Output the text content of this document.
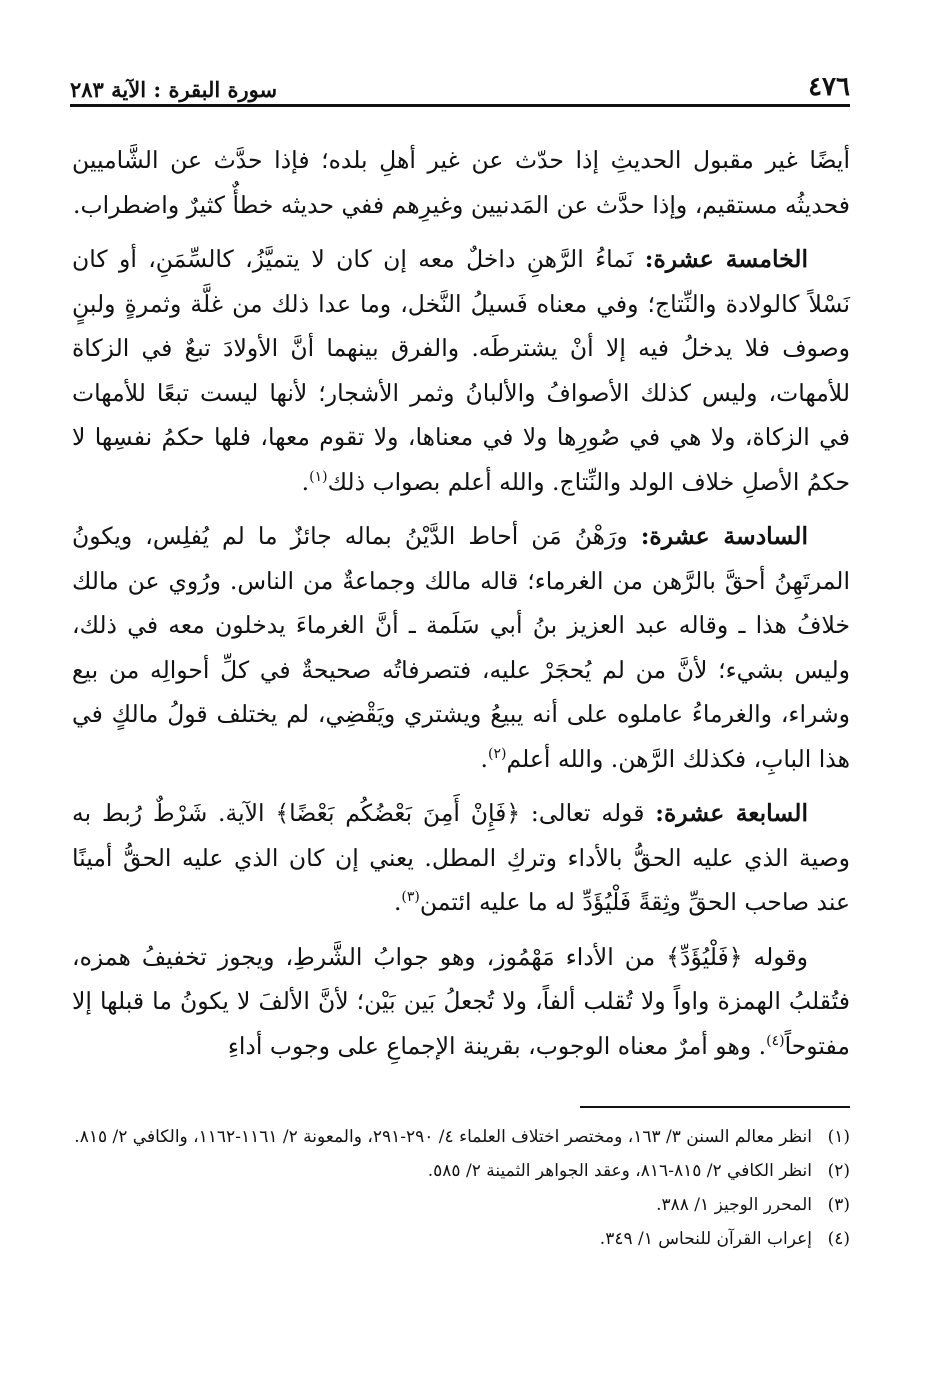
٤٧٦
سورة البقرة : الآية ٢٨٣

أيضًا غير مقبول الحديثِ إذا حدّث عن غير أهلِ بلده؛ فإذا حدَّث عن الشَّاميين فحديثُه مستقيم، وإذا حدَّث عن المَدنيين وغيرِهم ففي حديثه خطأٌ كثيرٌ واضطراب.

الخامسة عشرة: نَماءُ الرَّهنِ داخلٌ معه إن كان لا يتميَّزُ، كالسِّمَنِ، أو كان نَسْلاً كالولادة والنِّتاج؛ وفي معناه فَسيلُ النَّخل، وما عدا ذلك من غلَّة وثمرةٍ ولبنٍ وصوف فلا يدخلُ فيه إلا أنْ يشترطَه. والفرق بينهما أنَّ الأولادَ تبعٌ في الزكاة للأمهات، وليس كذلك الأصوافُ والألبانُ وثمر الأشجار؛ لأنها ليست تبعًا للأمهات في الزكاة، ولا هي في صُورِها ولا في معناها، ولا تقوم معها، فلها حكمُ نفسِها لا حكمُ الأصلِ خلاف الولد والنِّتاج. والله أعلم بصواب ذلك$^{(١)}$.

السادسة عشرة: ورَهْنُ مَن أحاط الدَّيْنُ بماله جائزٌ ما لم يُفلِس، ويكونُ المرتَهِنُ أحقَّ بالرَّهن من الغرماء؛ قاله مالك وجماعةٌ من الناس. ورُوي عن مالك خلافُ هذا ـ وقاله عبد العزيز بنُ أبي سَلَمة ـ أنَّ الغرماءَ يدخلون معه في ذلك، وليس بشيء؛ لأنَّ من لم يُحجَرْ عليه، فتصرفاتُه صحيحةٌ في كلِّ أحوالِه من بيع وشراء، والغرماءُ عاملوه على أنه يبيعُ ويشتري ويَقْضِي، لم يختلف قولُ مالكٍ في هذا البابِ، فكذلك الرَّهن. والله أعلم$^{(٢)}$.

السابعة عشرة: قوله تعالى: ﴿فَإِنْ أَمِنَ بَعْضُكُم بَعْضًا﴾ الآية. شَرْطٌ رُبط به وصية الذي عليه الحقُّ بالأداء وتركِ المطل. يعني إن كان الذي عليه الحقُّ أمينًا عند صاحب الحقِّ وثِقةً فَلْيُؤَدِّ له ما عليه ائتمن$^{(٣)}$.

وقوله ﴿فَلْيُؤَدِّ﴾ من الأداء مَهْمُوز، وهو جوابُ الشَّرطِ، ويجوز تخفيفُ همزه، فتُقلبُ الهمزة واواً ولا تُقلب ألفاً، ولا تُجعلُ بَين بَيْن؛ لأنَّ الألفَ لا يكونُ ما قبلها إلا مفتوحاً$^{(٤)}$. وهو أمرٌ معناه الوجوب، بقرينة الإجماعِ على وجوب أداءِ

(١)
انظر معالم السنن ٣/ ١٦٣، ومختصر اختلاف العلماء ٤/ ٢٩٠-٢٩١، والمعونة ٢/ ١١٦١-١١٦٢، والكافي ٢/ ٨١٥.
(٢)
انظر الكافي ٢/ ٨١٥-٨١٦، وعقد الجواهر الثمينة ٢/ ٥٨٥.
(٣)
المحرر الوجيز ١/ ٣٨٨.
(٤)
إعراب القرآن للنحاس ١/ ٣٤٩.
